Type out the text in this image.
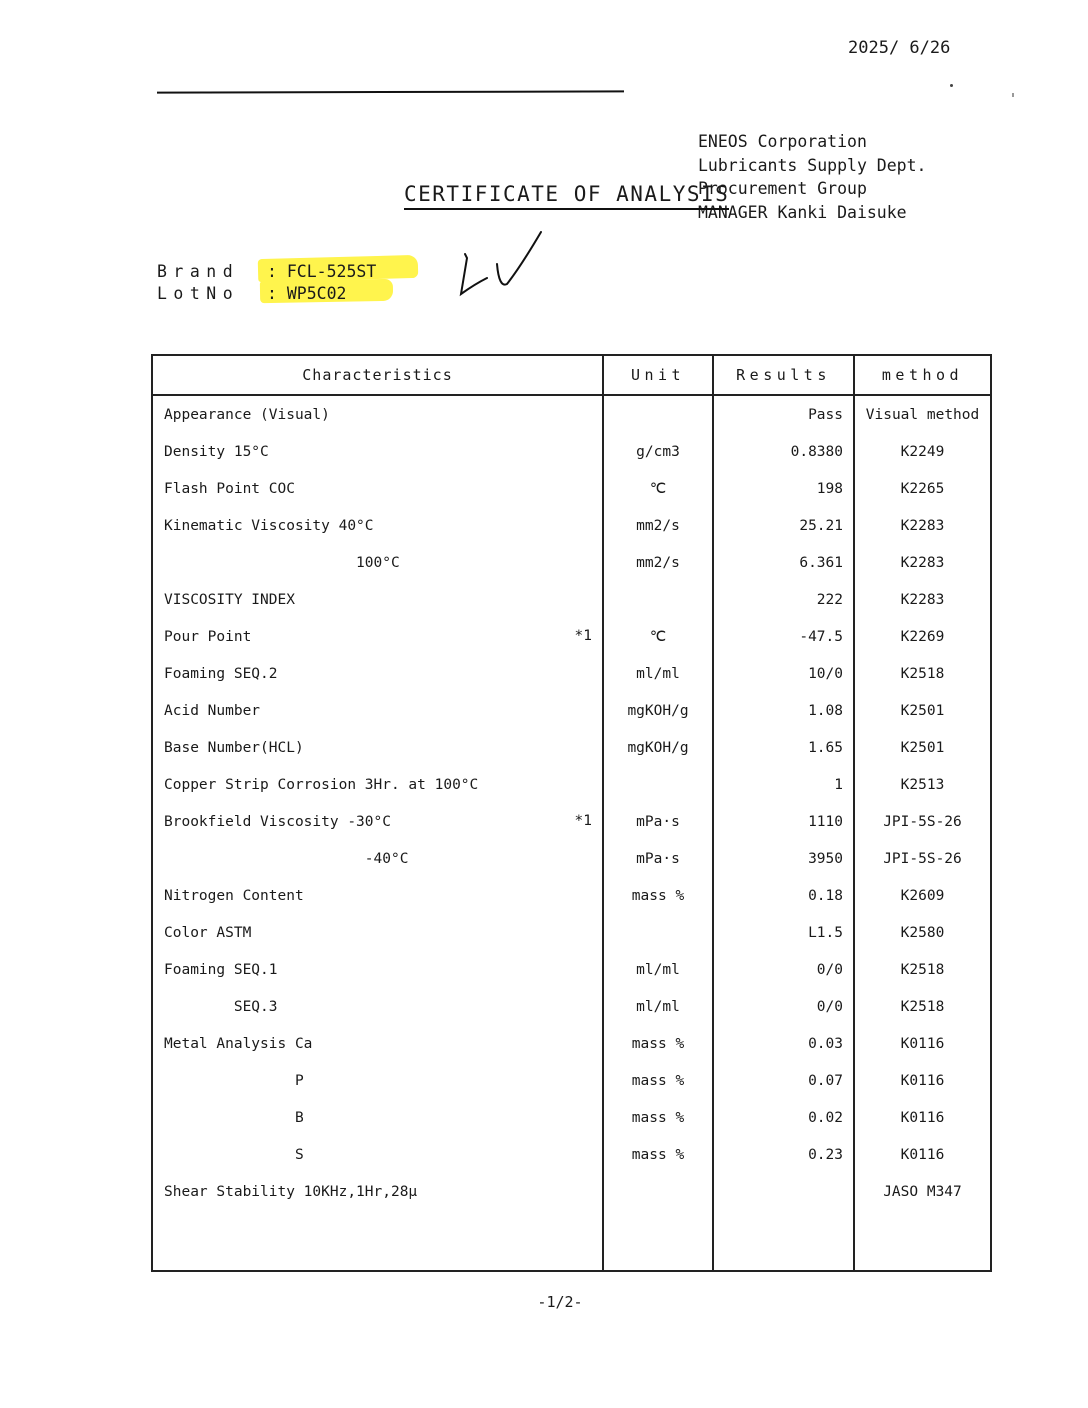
2025/ 6/26
ENEOS Corporation
Lubricants Supply Dept.
Procurement Group
MANAGER Kanki Daisuke
CERTIFICATE OF ANALYSIS
Brand	: FCL-525ST
LotNo	: WP5C02
Characteristics	Unit	Results	method
Appearance (Visual)		Pass	Visual method
Density 15°C	g/cm3	0.8380	K2249
Flash Point COC	℃	198	K2265
Kinematic Viscosity 40°C	mm2/s	25.21	K2283
100°C	mm2/s	6.361	K2283
VISCOSITY INDEX		222	K2283
Pour Point *1	℃	-47.5	K2269
Foaming SEQ.2	ml/ml	10/0	K2518
Acid Number	mgKOH/g	1.08	K2501
Base Number(HCL)	mgKOH/g	1.65	K2501
Copper Strip Corrosion 3Hr. at 100°C		1	K2513
Brookfield Viscosity -30°C *1	mPa·s	1110	JPI-5S-26
-40°C	mPa·s	3950	JPI-5S-26
Nitrogen Content	mass %	0.18	K2609
Color ASTM		L1.5	K2580
Foaming SEQ.1	ml/ml	0/0	K2518
SEQ.3	ml/ml	0/0	K2518
Metal Analysis Ca	mass %	0.03	K0116
P	mass %	0.07	K0116
B	mass %	0.02	K0116
S	mass %	0.23	K0116
Shear Stability 10KHz,1Hr,28μ			JASO M347

-1/2-
